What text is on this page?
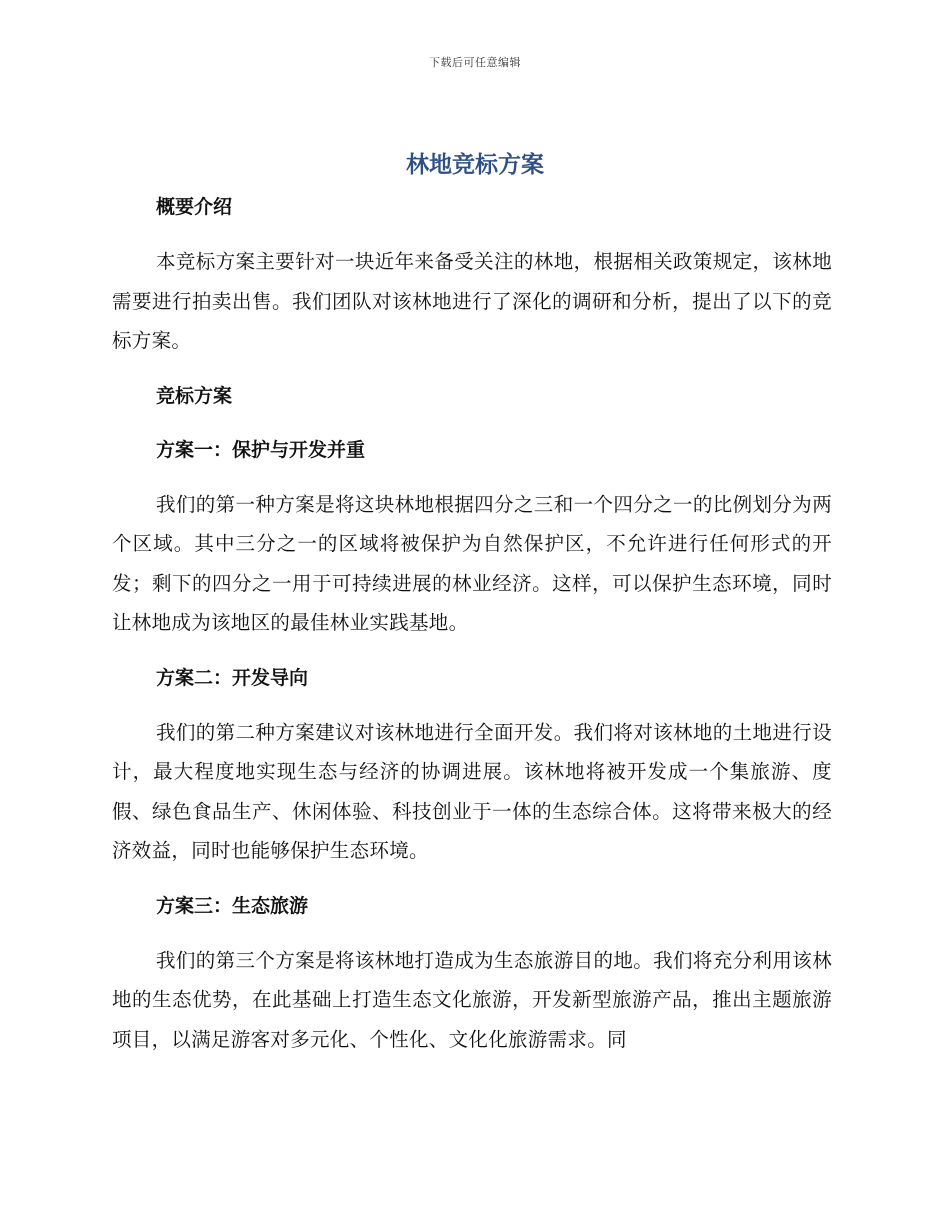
下载后可任意编辑
林地竞标方案
概要介绍

本竞标方案主要针对一块近年来备受关注的林地，根据相关政策规定，该林地需要进行拍卖出售。我们团队对该林地进行了深化的调研和分析，提出了以下的竞标方案。

竞标方案
方案一：保护与开发并重

我们的第一种方案是将这块林地根据四分之三和一个四分之一的比例划分为两个区域。其中三分之一的区域将被保护为自然保护区，不允许进行任何形式的开发；剩下的四分之一用于可持续进展的林业经济。这样，可以保护生态环境，同时让林地成为该地区的最佳林业实践基地。

方案二：开发导向

我们的第二种方案建议对该林地进行全面开发。我们将对该林地的土地进行设计，最大程度地实现生态与经济的协调进展。该林地将被开发成一个集旅游、度假、绿色食品生产、休闲体验、科技创业于一体的生态综合体。这将带来极大的经济效益，同时也能够保护生态环境。

方案三：生态旅游

我们的第三个方案是将该林地打造成为生态旅游目的地。我们将充分利用该林地的生态优势，在此基础上打造生态文化旅游，开发新型旅游产品，推出主题旅游项目，以满足游客对多元化、个性化、文化化旅游需求。同
